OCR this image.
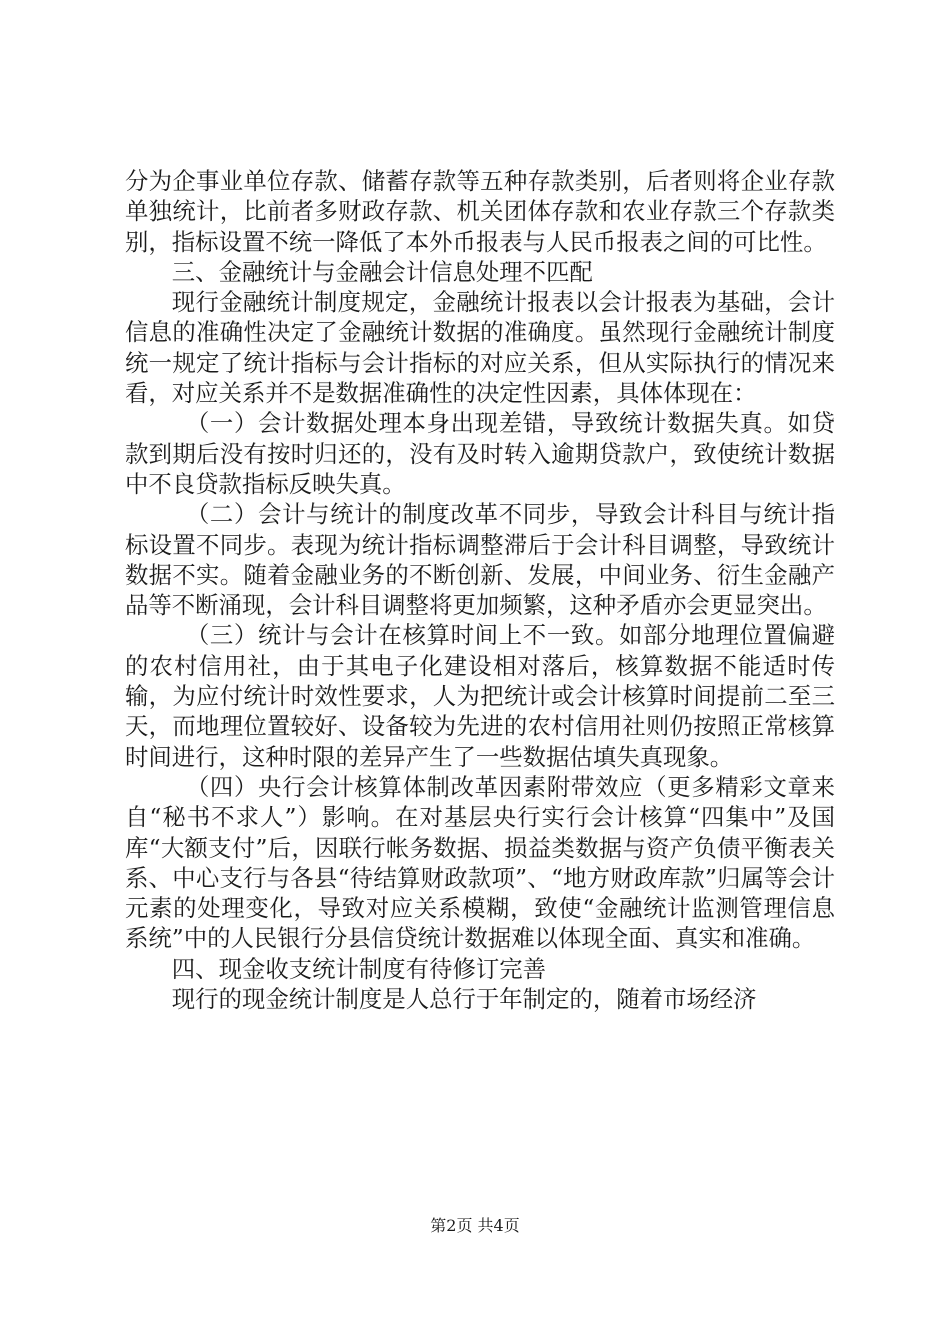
分为企事业单位存款、储蓄存款等五种存款类别，后者则将企业存款单独统计，比前者多财政存款、机关团体存款和农业存款三个存款类别，指标设置不统一降低了本外币报表与人民币报表之间的可比性。

三、金融统计与金融会计信息处理不匹配

现行金融统计制度规定，金融统计报表以会计报表为基础，会计信息的准确性决定了金融统计数据的准确度。虽然现行金融统计制度统一规定了统计指标与会计指标的对应关系，但从实际执行的情况来看，对应关系并不是数据准确性的决定性因素，具体体现在：

（一）会计数据处理本身出现差错，导致统计数据失真。如贷款到期后没有按时归还的，没有及时转入逾期贷款户，致使统计数据中不良贷款指标反映失真。

（二）会计与统计的制度改革不同步，导致会计科目与统计指标设置不同步。表现为统计指标调整滞后于会计科目调整，导致统计数据不实。随着金融业务的不断创新、发展，中间业务、衍生金融产品等不断涌现，会计科目调整将更加频繁，这种矛盾亦会更显突出。

（三）统计与会计在核算时间上不一致。如部分地理位置偏避的农村信用社，由于其电子化建设相对落后，核算数据不能适时传输，为应付统计时效性要求，人为把统计或会计核算时间提前二至三天，而地理位置较好、设备较为先进的农村信用社则仍按照正常核算时间进行，这种时限的差异产生了一些数据估填失真现象。

（四）央行会计核算体制改革因素附带效应（更多精彩文章来自“秘书不求人”）影响。在对基层央行实行会计核算“四集中”及国库“大额支付”后，因联行帐务数据、损益类数据与资产负债平衡表关系、中心支行与各县“待结算财政款项”、“地方财政库款”归属等会计元素的处理变化，导致对应关系模糊，致使“金融统计监测管理信息系统”中的人民银行分县信贷统计数据难以体现全面、真实和准确。

四、现金收支统计制度有待修订完善

现行的现金统计制度是人总行于年制定的，随着市场经济

第2页 共4页
